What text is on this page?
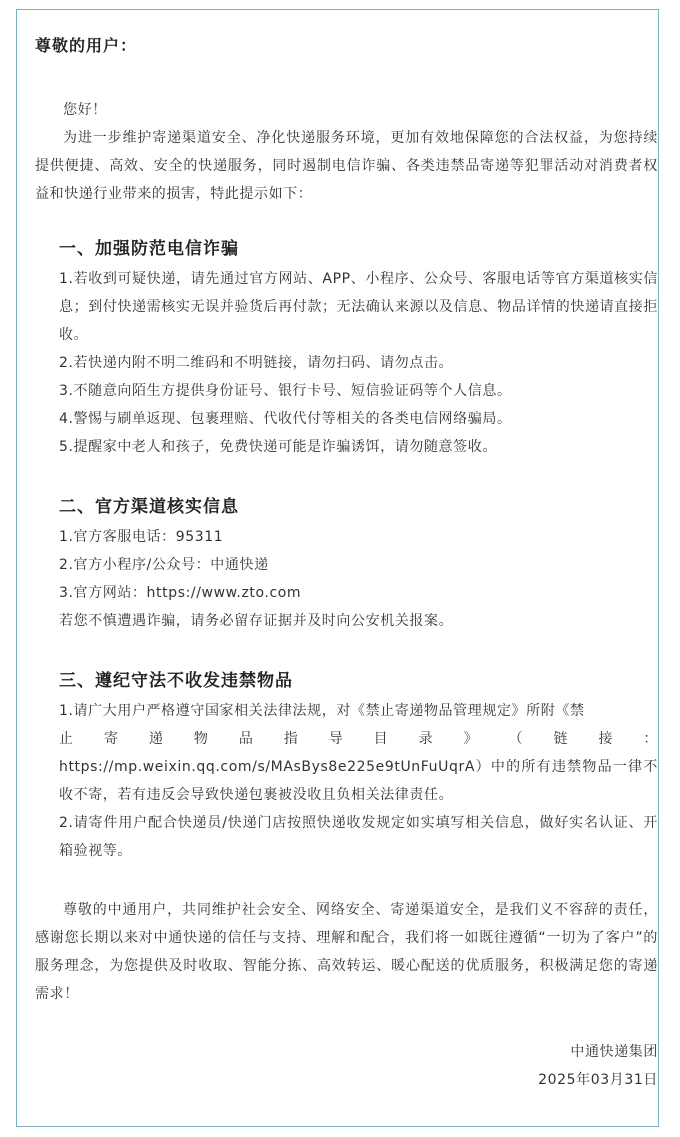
尊敬的用户：

您好！

为进一步维护寄递渠道安全、净化快递服务环境，更加有效地保障您的合法权益，为您持续提供便捷、高效、安全的快递服务，同时遏制电信诈骗、各类违禁品寄递等犯罪活动对消费者权益和快递行业带来的损害，特此提示如下：

一、加强防范电信诈骗

1.若收到可疑快递，请先通过官方网站、APP、小程序、公众号、客服电话等官方渠道核实信息；到付快递需核实无误并验货后再付款；无法确认来源以及信息、物品详情的快递请直接拒收。

2.若快递内附不明二维码和不明链接，请勿扫码、请勿点击。

3.不随意向陌生方提供身份证号、银行卡号、短信验证码等个人信息。

4.警惕与刷单返现、包裹理赔、代收代付等相关的各类电信网络骗局。

5.提醒家中老人和孩子，免费快递可能是诈骗诱饵，请勿随意签收。

二、官方渠道核实信息

1.官方客服电话：95311

2.官方小程序/公众号：中通快递

3.官方网站：https://www.zto.com

若您不慎遭遇诈骗，请务必留存证据并及时向公安机关报案。

三、遵纪守法不收发违禁物品

1.请广大用户严格遵守国家相关法律法规，对《禁止寄递物品管理规定》所附《禁

止 寄 递 物 品 指 导 目 录 》 （ 链 接 ：

https://mp.weixin.qq.com/s/MAsBys8e225e9tUnFuUqrA）中的所有违禁物品一律不收不寄，若有违反会导致快递包裹被没收且负相关法律责任。

2.请寄件用户配合快递员/快递门店按照快递收发规定如实填写相关信息，做好实名认证、开箱验视等。

尊敬的中通用户，共同维护社会安全、网络安全、寄递渠道安全，是我们义不容辞的责任，感谢您长期以来对中通快递的信任与支持、理解和配合，我们将一如既往遵循“一切为了客户”的服务理念，为您提供及时收取、智能分拣、高效转运、暖心配送的优质服务，积极满足您的寄递需求！

中通快递集团
2025年03月31日
